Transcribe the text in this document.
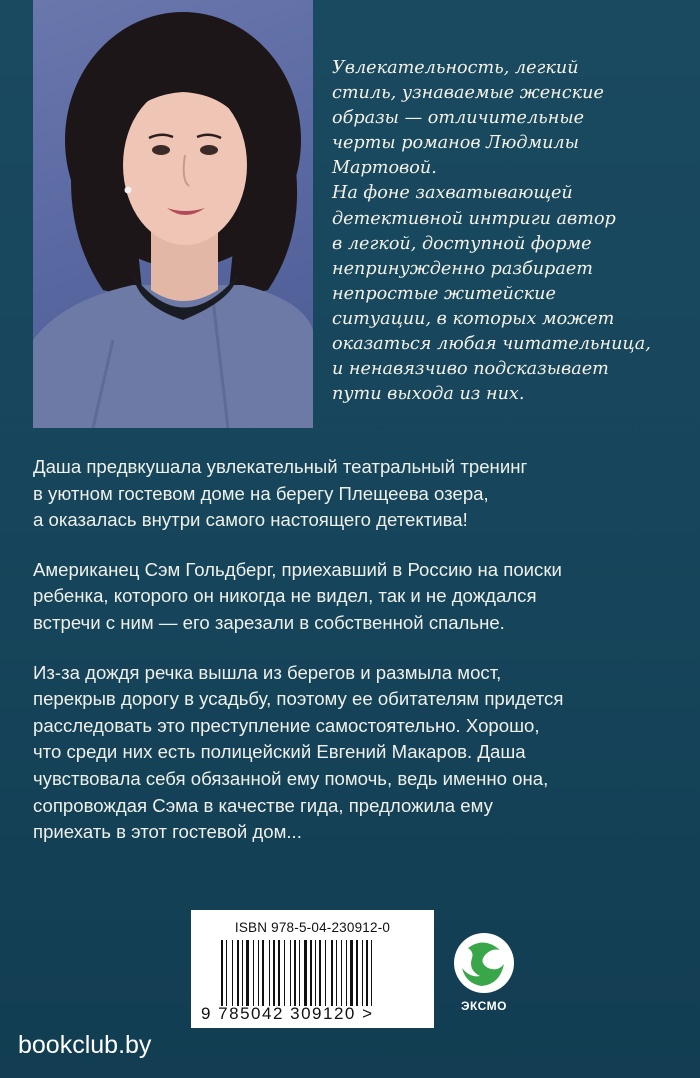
Увлекательность, легкий

стиль, узнаваемые женские

образы — отличительные

черты романов Людмилы

Мартовой.

На фоне захватывающей

детективной интриги автор

в легкой, доступной форме

непринужденно разбирает

непростые житейские

ситуации, в которых может

оказаться любая читательница,

и ненавязчиво подсказывает

пути выхода из них.

Даша предвкушала увлекательный театральный тренинг
в уютном гостевом доме на берегу Плещеева озера,
а оказалась внутри самого настоящего детектива!

Американец Сэм Гольдберг, приехавший в Россию на поиски
ребенка, которого он никогда не видел, так и не дождался
встречи с ним — его зарезали в собственной спальне.

Из-за дождя речка вышла из берегов и размыла мост,
перекрыв дорогу в усадьбу, поэтому ее обитателям придется
расследовать это преступление самостоятельно. Хорошо,
что среди них есть полицейский Евгений Макаров. Даша
чувствовала себя обязанной ему помочь, ведь именно она,
сопровождая Сэма в качестве гида, предложила ему
приехать в этот гостевой дом...

ISBN 978-5-04-230912-0
9 785042 309120 >	ЭКСМО
bookclub.by
